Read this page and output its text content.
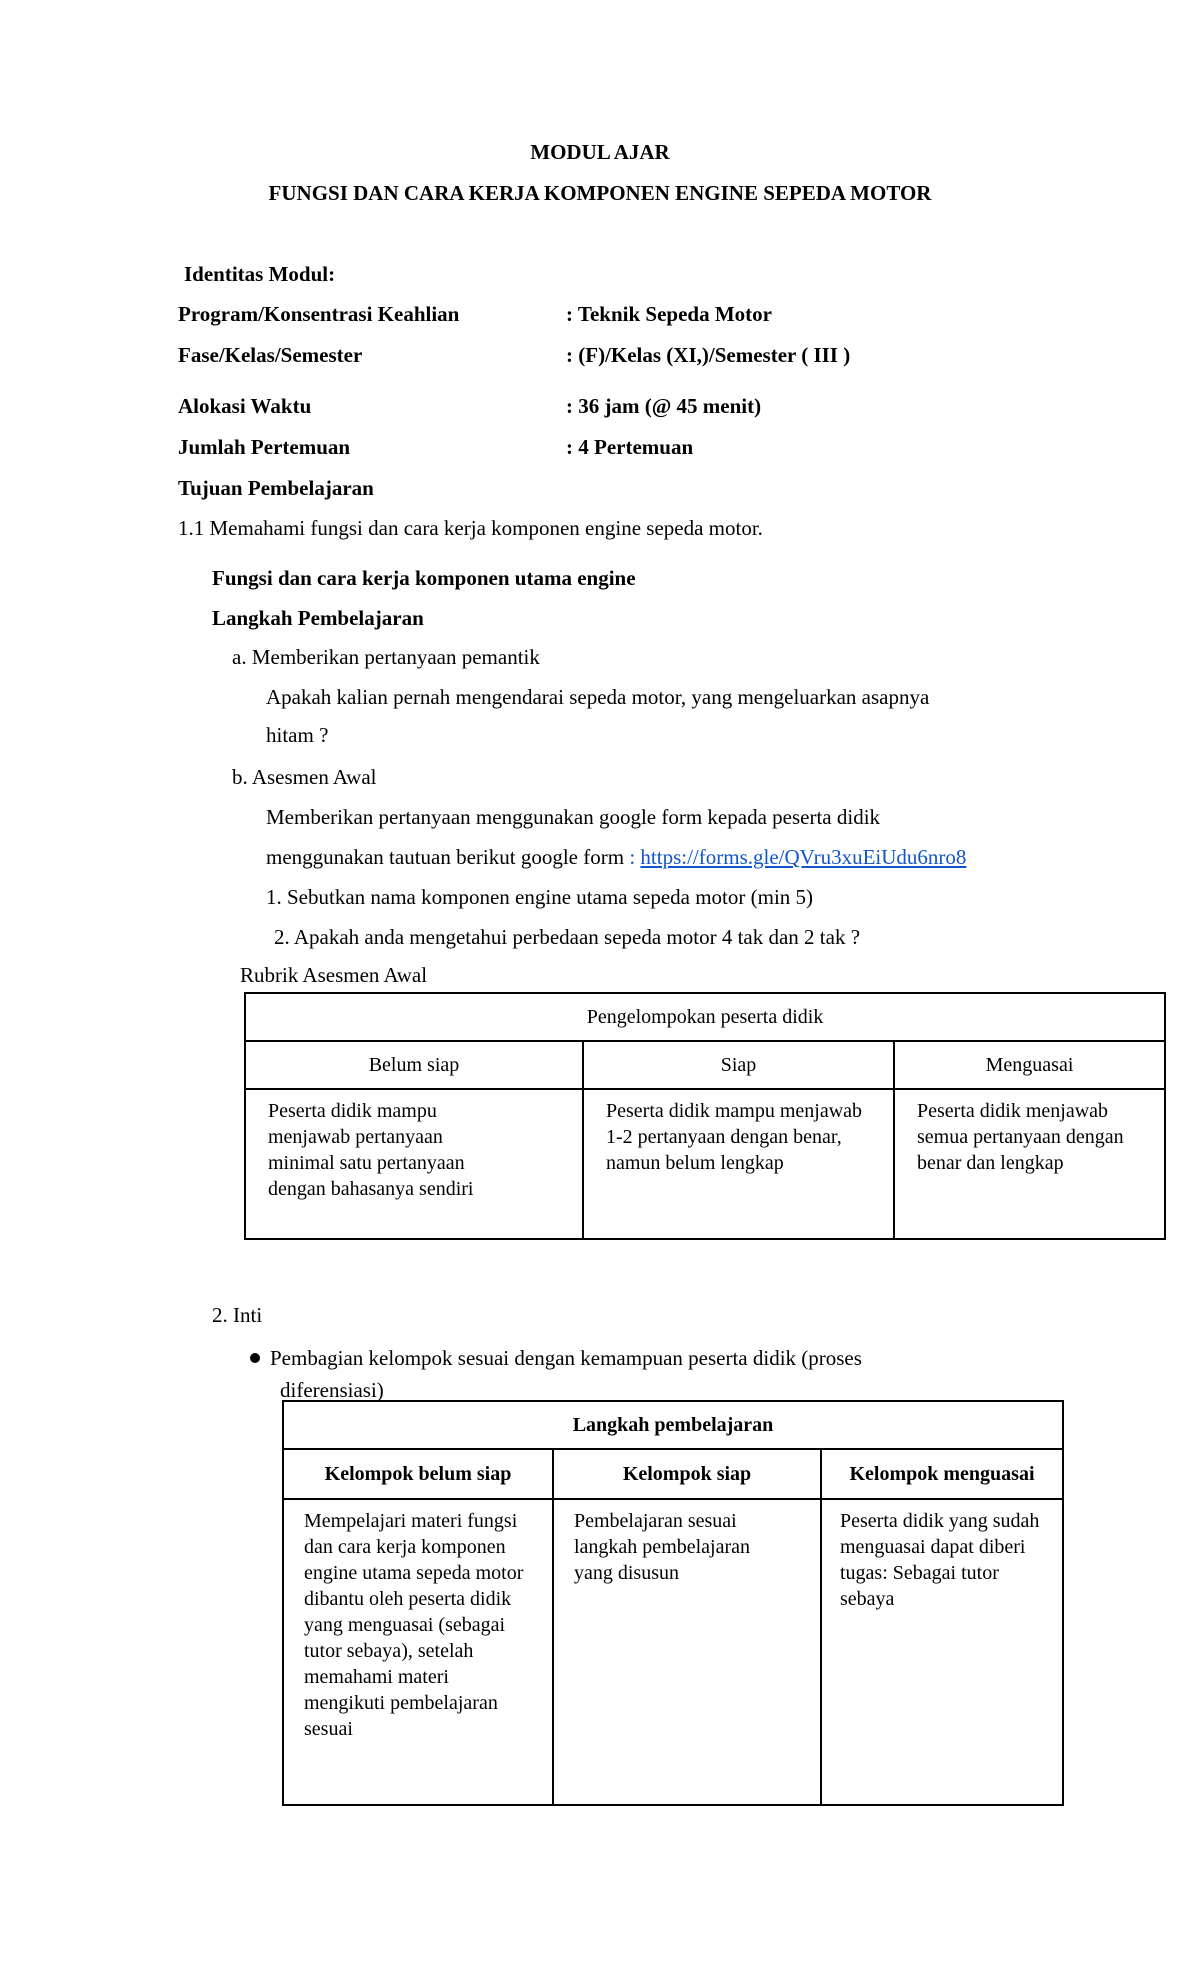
MODUL AJAR
FUNGSI DAN CARA KERJA KOMPONEN ENGINE SEPEDA MOTOR
Identitas Modul:
Program/Konsentrasi Keahlian	: Teknik Sepeda Motor
Fase/Kelas/Semester	: (F)/Kelas (XI,)/Semester ( III )
Alokasi Waktu	: 36 jam (@ 45 menit)
Jumlah Pertemuan	: 4 Pertemuan
Tujuan Pembelajaran
1.1 Memahami fungsi dan cara kerja komponen engine sepeda motor.
Fungsi dan cara kerja komponen utama engine
Langkah Pembelajaran
a. Memberikan pertanyaan pemantik
Apakah kalian pernah mengendarai sepeda motor, yang mengeluarkan asapnya
hitam ?
b. Asesmen Awal
Memberikan pertanyaan menggunakan google form kepada peserta didik
menggunakan tautuan berikut google form : https://forms.gle/QVru3xuEiUdu6nro8
1. Sebutkan nama komponen engine utama sepeda motor (min 5)
2. Apakah anda mengetahui perbedaan sepeda motor 4 tak dan 2 tak ?
Rubrik Asesmen Awal
Pengelompokan peserta didik		
Belum siap	Siap	Menguasai

Peserta didik mampu menjawab pertanyaan minimal satu pertanyaan dengan bahasanya sendiri	Peserta didik mampu menjawab 1-2 pertanyaan dengan benar, namun belum lengkap	Peserta didik menjawab semua pertanyaan dengan benar dan lengkap
2. Inti
Pembagian kelompok sesuai dengan kemampuan peserta didik (proses
diferensiasi)
Langkah pembelajaran		
Kelompok belum siap	Kelompok siap	Kelompok menguasai

Mempelajari materi fungsi dan cara kerja komponen engine utama sepeda motor dibantu oleh peserta didik yang menguasai (sebagai tutor sebaya), setelah memahami materi mengikuti pembelajaran sesuai	Pembelajaran sesuai langkah pembelajaran yang disusun	Peserta didik yang sudah menguasai dapat diberi tugas: Sebagai tutor sebaya
